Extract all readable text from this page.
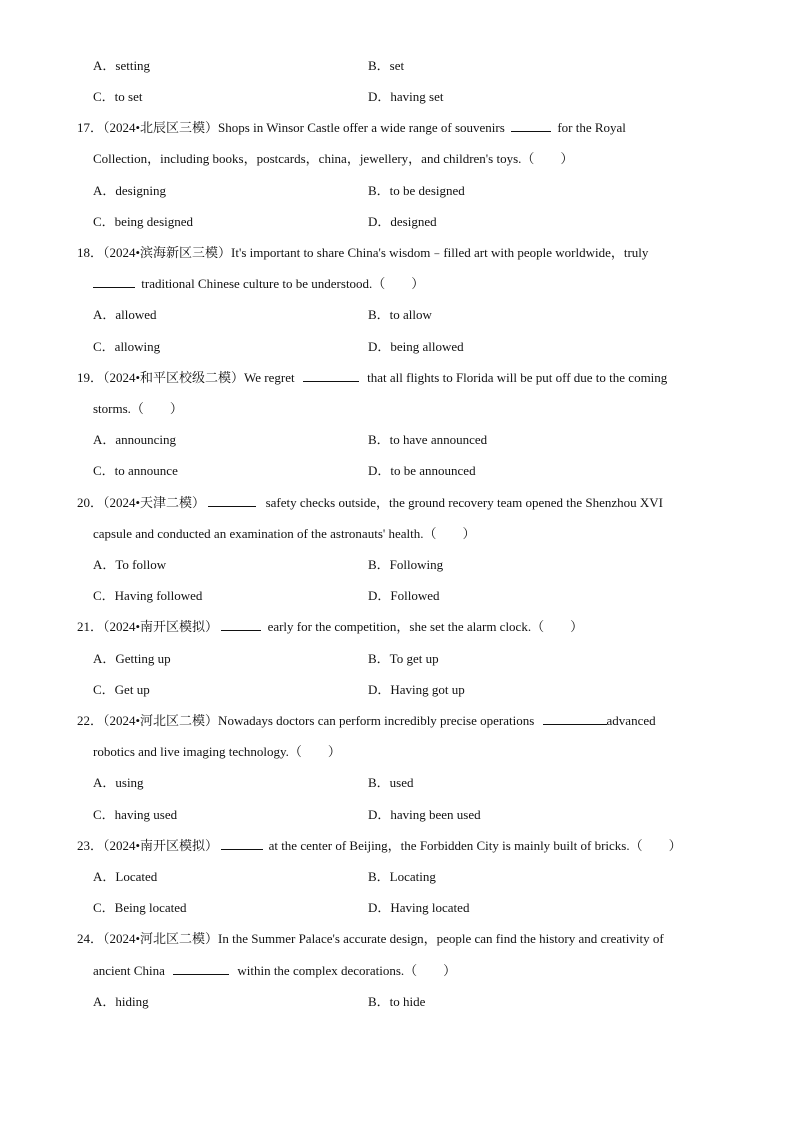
A．setting	B．set
C．to set	D．having set
17．（2024•北辰区三模）Shops in Winsor Castle offer a wide range of souvenirs	for the Royal
Collection，including books，postcards，china，jewellery，and children's toys.（　　）
A．designing	B．to be designed
C．being designed	D．designed
18．（2024•滨海新区三模）It's important to share China's wisdom﹣filled art with people worldwide，truly
traditional Chinese culture to be understood.（　　）
A．allowed	B．to allow
C．allowing	D．being allowed
19．（2024•和平区校级二模）We regret	that all flights to Florida will be put off due to the coming
storms.（　　）
A．announcing	B．to have announced
C．to announce	D．to be announced
20．（2024•天津二模）	safety checks outside，the ground recovery team opened the Shenzhou XVI
capsule and conducted an examination of the astronauts' health.（　　）
A．To follow	B．Following
C．Having followed	D．Followed
21．（2024•南开区模拟）	early for the competition，she set the alarm clock.（　　）
A．Getting up	B．To get up
C．Get up	D．Having got up
22．（2024•河北区二模）Nowadays doctors can perform incredibly precise operations	advanced
robotics and live imaging technology.（　　）
A．using	B．used
C．having used	D．having been used
23．（2024•南开区模拟）	at the center of Beijing，the Forbidden City is mainly built of bricks.（　　）
A．Located	B．Locating
C．Being located	D．Having located
24．（2024•河北区二模）In the Summer Palace's accurate design，people can find the history and creativity of
ancient China	within the complex decorations.（　　）
A．hiding	B．to hide
